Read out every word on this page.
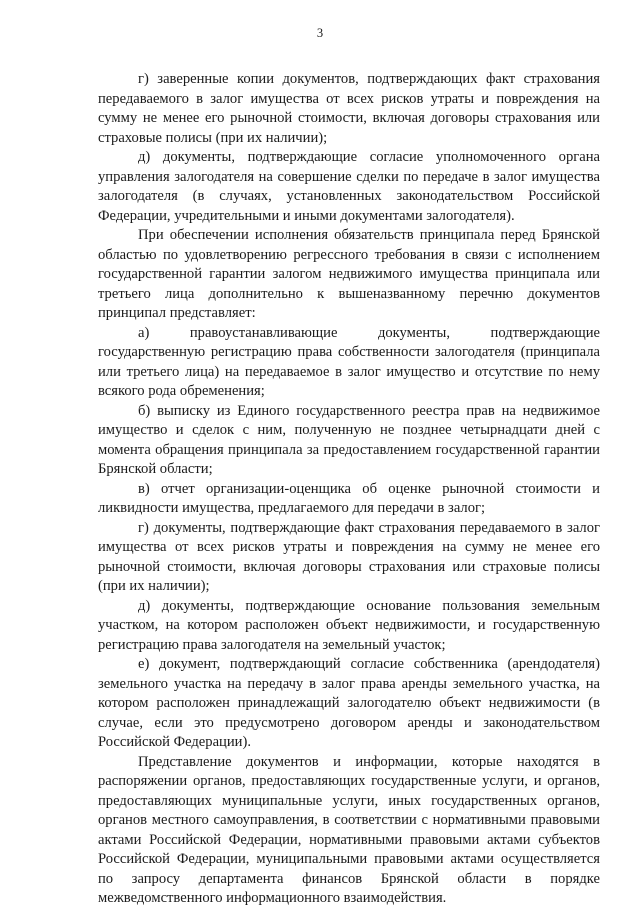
3

г) заверенные копии документов, подтверждающих факт страхования передаваемого в залог имущества от всех рисков утраты и повреждения на сумму не менее его рыночной стоимости, включая договоры страхования или страховые полисы (при их наличии);

д) документы, подтверждающие согласие уполномоченного органа управления залогодателя на совершение сделки по передаче в залог имущества залогодателя (в случаях, установленных законодательством Российской Федерации, учредительными и иными документами залогодателя).

При обеспечении исполнения обязательств принципала перед Брянской областью по удовлетворению регрессного требования в связи с исполнением государственной гарантии залогом недвижимого имущества принципала или третьего лица дополнительно к вышеназванному перечню документов принципал представляет:

а) правоустанавливающие документы, подтверждающие государственную регистрацию права собственности залогодателя (принципала или третьего лица) на передаваемое в залог имущество и отсутствие по нему всякого рода обременения;

б) выписку из Единого государственного реестра прав на недвижимое имущество и сделок с ним, полученную не позднее четырнадцати дней с момента обращения принципала за предоставлением государственной гарантии Брянской области;

в) отчет организации-оценщика об оценке рыночной стоимости и ликвидности имущества, предлагаемого для передачи в залог;

г) документы, подтверждающие факт страхования передаваемого в залог имущества от всех рисков утраты и повреждения на сумму не менее его рыночной стоимости, включая договоры страхования или страховые полисы (при их наличии);

д) документы, подтверждающие основание пользования земельным участком, на котором расположен объект недвижимости, и государственную регистрацию права залогодателя на земельный участок;

е) документ, подтверждающий согласие собственника (арендодателя) земельного участка на передачу в залог права аренды земельного участка, на котором расположен принадлежащий залогодателю объект недвижимости (в случае, если это предусмотрено договором аренды и законодательством Российской Федерации).

Представление документов и информации, которые находятся в распоряжении органов, предоставляющих государственные услуги, и органов, предоставляющих муниципальные услуги, иных государственных органов, органов местного самоуправления, в соответствии с нормативными правовыми актами Российской Федерации, нормативными правовыми актами субъектов Российской Федерации, муниципальными правовыми актами осуществляется по запросу департамента финансов Брянской области в порядке межведомственного информационного взаимодействия.
